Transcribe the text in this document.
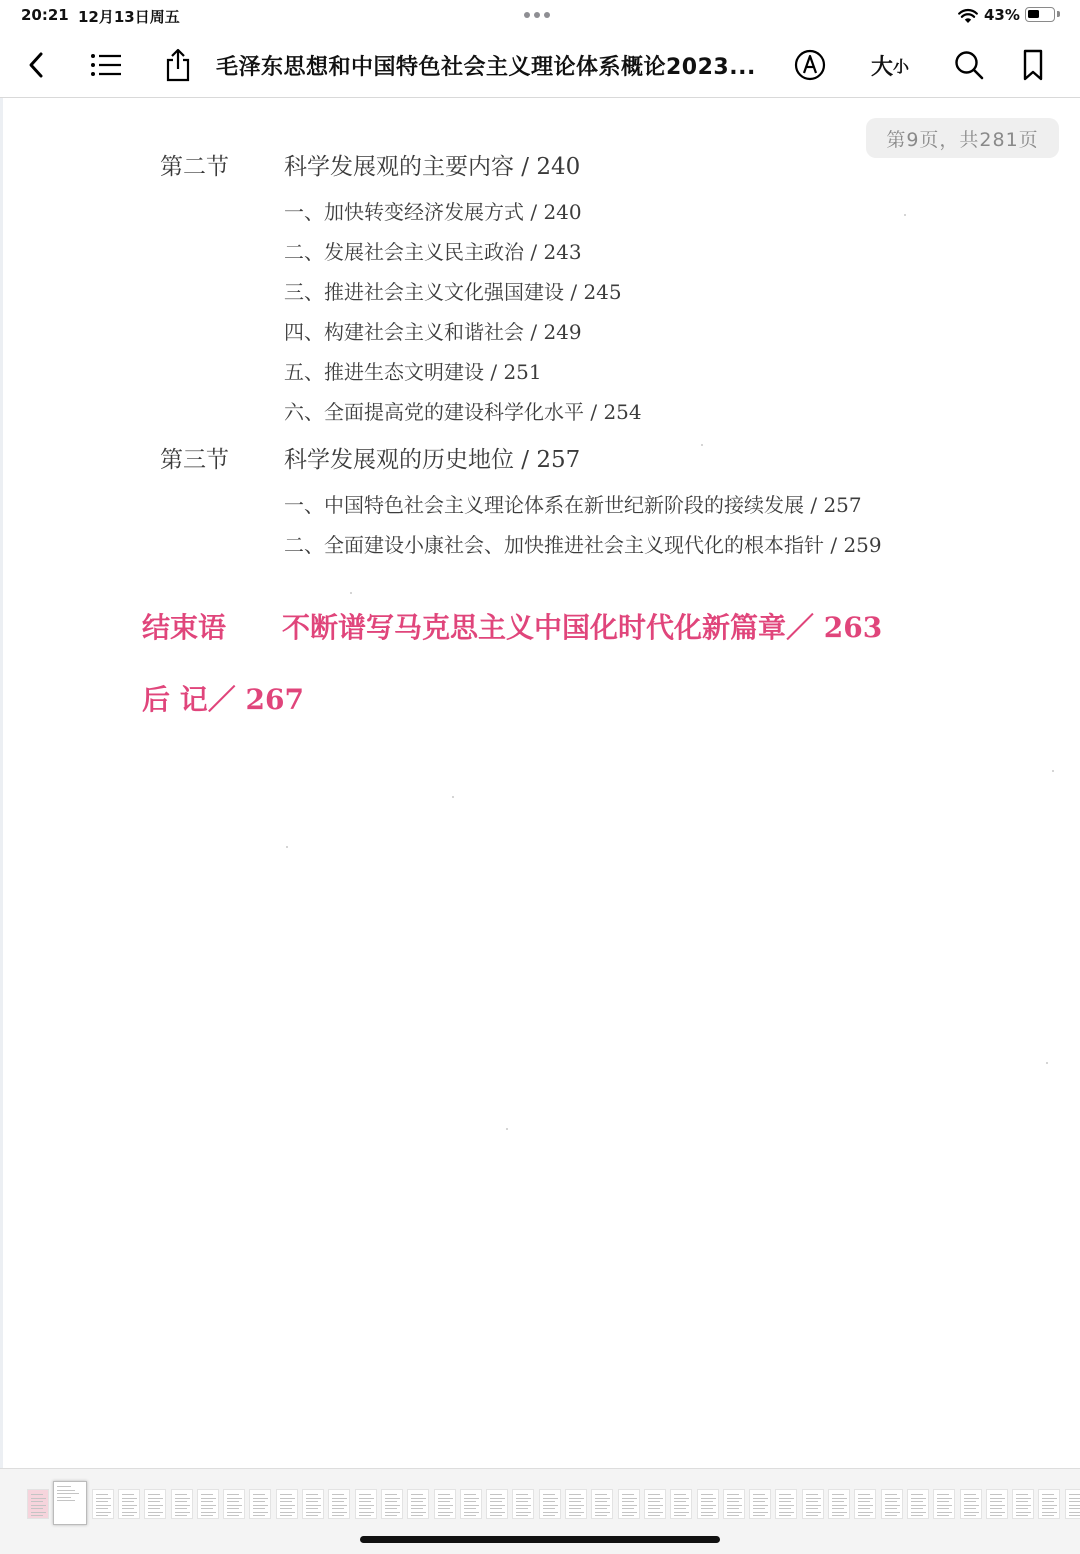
20:21 12月13日周五	43%
毛泽东思想和中国特色社会主义理论体系概论2023...	大 小
第9页，共281页
第二节 科学发展观的主要内容 / 240
一、加快转变经济发展方式 / 240
二、发展社会主义民主政治 / 243
三、推进社会主义文化强国建设 / 245
四、构建社会主义和谐社会 / 249
五、推进生态文明建设 / 251
六、全面提高党的建设科学化水平 / 254
第三节 科学发展观的历史地位 / 257
一、中国特色社会主义理论体系在新世纪新阶段的接续发展 / 257
二、全面建设小康社会、加快推进社会主义现代化的根本指针 / 259
结束语 不断谱写马克思主义中国化时代化新篇章／ 263
后 记／ 267
